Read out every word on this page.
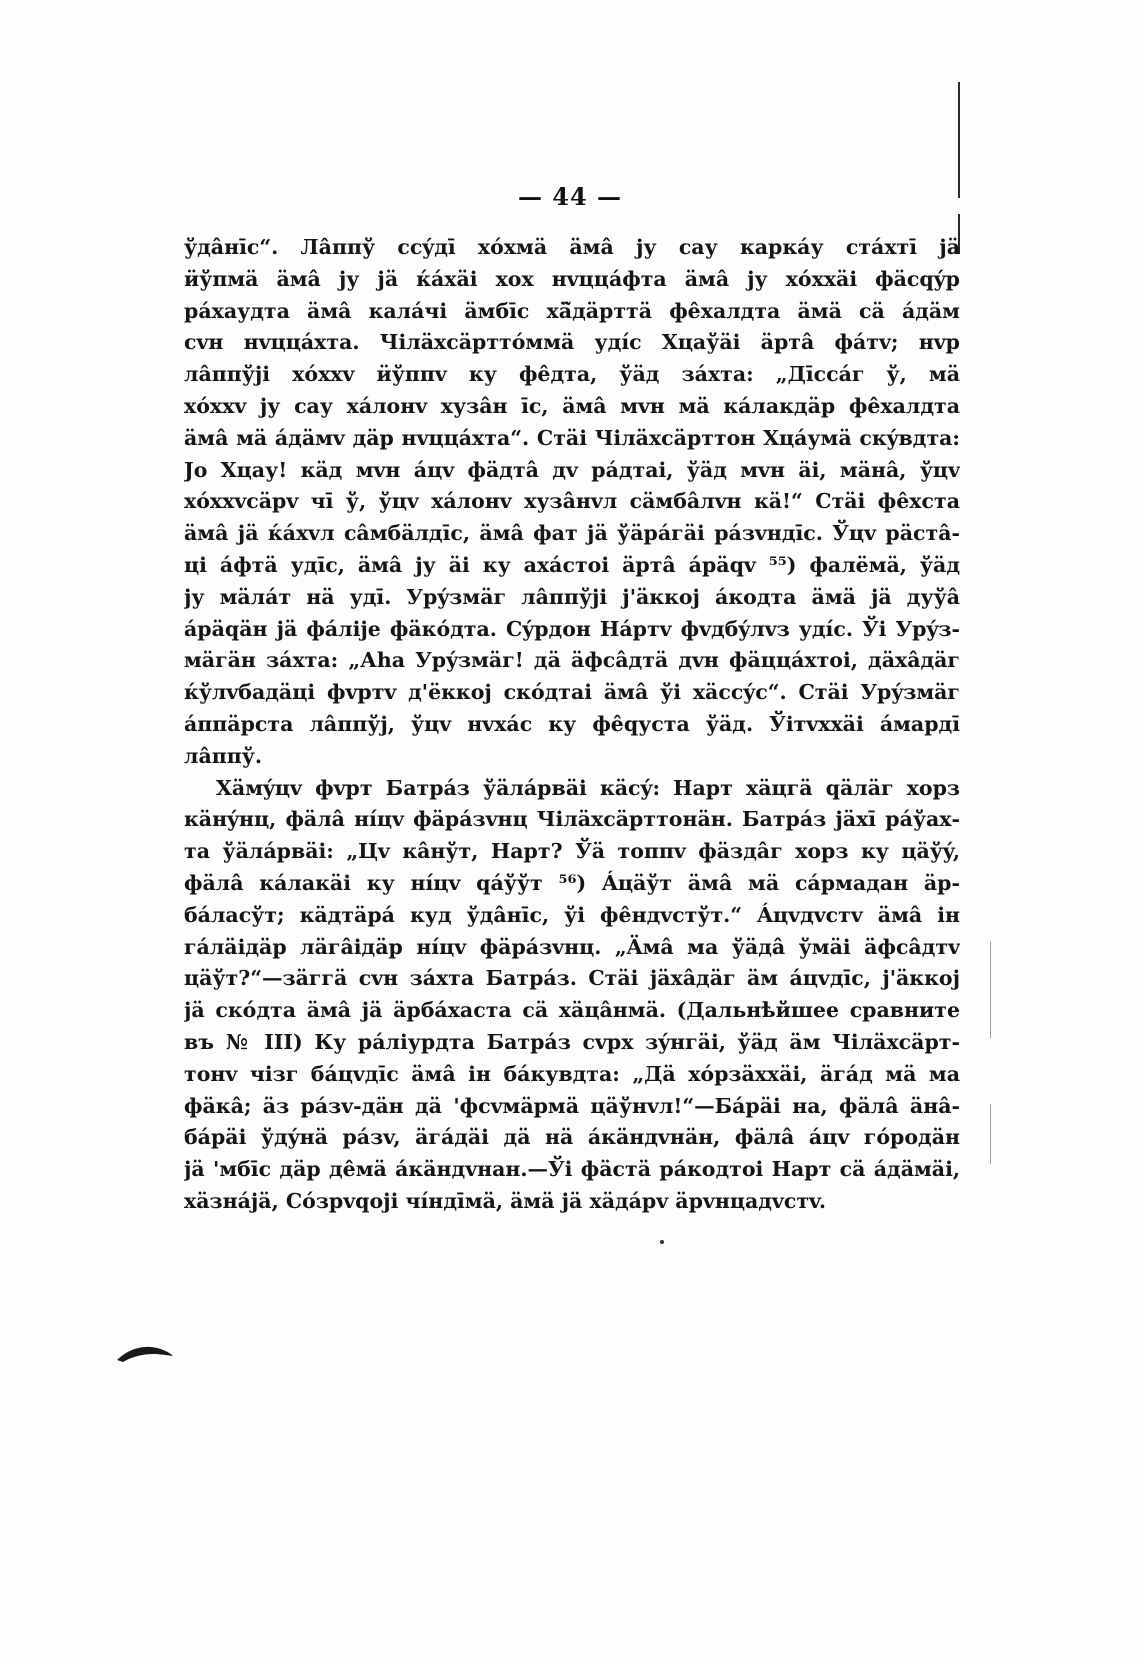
— 44 —

ўдâнīс“. Ла̂ппў ссýдī хóхмä äмâ jу сау каркáу стáхтī jä
ӥўпмä äмâ jу jä ќáхäi хох нvццáфта äмâ jу хóххäi фäсqýр
рáхаудта äмâ калáчi äмбīс хä̃дäрттä фе̂халдта äмä сä áдäм
сvн нvццáхта. Чiлäхсäрттóммä удíс Хцаўäi äртâ фáтv; нvр
ла̂ппўjі хóххv ӥўппv ку фе̂дта, ўäд зáхта: „Дīссáг ў, мä
хóххv jу сау хáлонv хузâн īс, äмâ мvн мä кáлакдäр фе̂халдта
äмâ мä áдäмv дäр нvццáхта“. Стäi Чiлäхсäрттон Хцáумä скýвдта:
Jo Хцау! кäд мvн áцv фäдтâ дv рáдтаі, ўäд мvн äi, мäнâ, ўцv
хóххvсäрv чī ў, ўцv хáлонv хузâнvл сäмбâлvн кä!“ Стäi фе̂хста
äмâ jä ќáхvл сâмбäлдīс, äмâ фат jä ўäрáгäi рáзvндīс. Ўцv рäстâ-
цi áфтä удīс, äмâ jу äi ку ахáстоi äртâ áрäqv ⁵⁵) фалёмä, ўäд
jу мäлáт нä удī. Урýзмäг ла̂ппўjі j'äккоj áкодта äмä jä дуўâ
áрäqäн jä фáлiје фäкóдта. Сýрдон Нáртv фvдбýлvз удíс. Ўi Урýз-
мäгäн зáхта: „Аhа Урýзмäг! дä äфсâдтä дvн фäццáхтоi, дäхâдäг
ќўлvбадäцi фvртv д'ёккој скóдтаi äмâ ўi хäссýс“. Стäi Урýзмäг
áппäрста ла̂ппўj, ўцv нvхáс ку фе̂qуста ўäд. Ўiтvххäi áмардī
ла̂ппў.

Хäмýцv фvрт Батрáз ўäлáрвäi кäсý: Нарт хäцгä qäлäг хорз
кäнýнц, фäлâ нíцv фäрáзvнц Чiлäхсäрттонäн. Батрáз jäхī рáўах-
та ўäлáрвäi: „Цv кâнўт, Нарт? Ўä топпv фäздâг хорз ку цäўý,
фäлâ кáлакäi ку нíцv qáўўт ⁵⁶) Áцäўт äмâ мä сáрмадан äр-
бáласўт; кäдтäрá куд ўдâнīс, ўi фе̂ндvстўт.“ Áцvдvстv äмâ ін
гáлäiдäр лäгâiдäр нíцv фäрáзvнц. „Äмâ ма ўäдâ ўмäi äфсâдтv
цäўт?“—зäггä сvн зáхта Батрáз. Стäi jäхâдäг äм áцvдīс, j'äккоj
jä скóдта äмâ jä äрбáхаста сä хäцâнмä. (Дальнѣйшее сравните
въ № III) Ку рáлiурдта Батрáз сvрх зýнгäi, ўäд äм Чiлäхсäрт-
тонv чізг бáцvдīс äмâ ін бáкувдта: „Дä хóрзäххäi, äгáд мä ма
фäкâ; äз рáзv-дäн дä 'фсvмäрмä цäўнvл!“—Бáрäi на, фäлâ äнâ-
бáрäi ўдýнä рáзv, äгáдäi дä нä áкäндvнäн, фäлâ áцv гóродäн
jä 'мбīс дäр де̂мä áкäндvнан.—Ўi фäстä рáкодтоi Нарт сä áдäмäi,
хäзнájä, Сóзрvqоjі чíндīмä, äмä jä хäдáрv äрvнцадvстv.
